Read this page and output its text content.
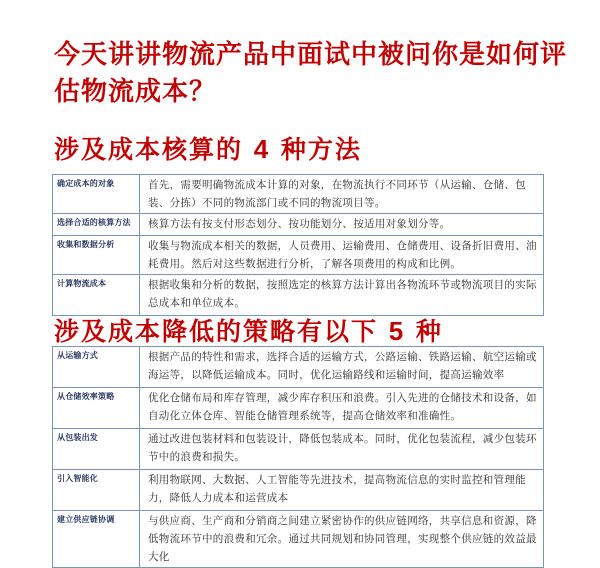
今天讲讲物流产品中面试中被问你是如何评估物流成本？
涉及成本核算的 4 种方法
确定成本的对象	首先，需要明确物流成本计算的对象，在物流执行不同环节（从运输、仓储、包装、分拣）不同的物流部门或不同的物流项目等。
选择合适的核算方法	核算方法有按支付形态划分、按功能划分、按适用对象划分等。
收集和数据分析	收集与物流成本相关的数据，人员费用、运输费用、仓储费用、设备折旧费用、油耗费用。然后对这些数据进行分析，了解各项费用的构成和比例。
计算物流成本	根据收集和分析的数据，按照选定的核算方法计算出各物流环节或物流项目的实际总成本和单位成本。
涉及成本降低的策略有以下 5 种
从运输方式	根据产品的特性和需求，选择合适的运输方式，公路运输、铁路运输、航空运输或海运等，以降低运输成本。同时，优化运输路线和运输时间，提高运输效率
从仓储效率策略	优化仓储布局和库存管理，减少库存积压和浪费。引入先进的仓储技术和设备，如自动化立体仓库、智能仓储管理系统等，提高仓储效率和准确性。
从包装出发	通过改进包装材料和包装设计，降低包装成本。同时，优化包装流程，减少包装环节中的浪费和损失。
引入智能化	利用物联网、大数据、人工智能等先进技术，提高物流信息的实时监控和管理能力，降低人力成本和运营成本
建立供应链协调	与供应商、生产商和分销商之间建立紧密协作的供应链网络，共享信息和资源，降低物流环节中的浪费和冗余。通过共同规划和协同管理，实现整个供应链的效益最大化
